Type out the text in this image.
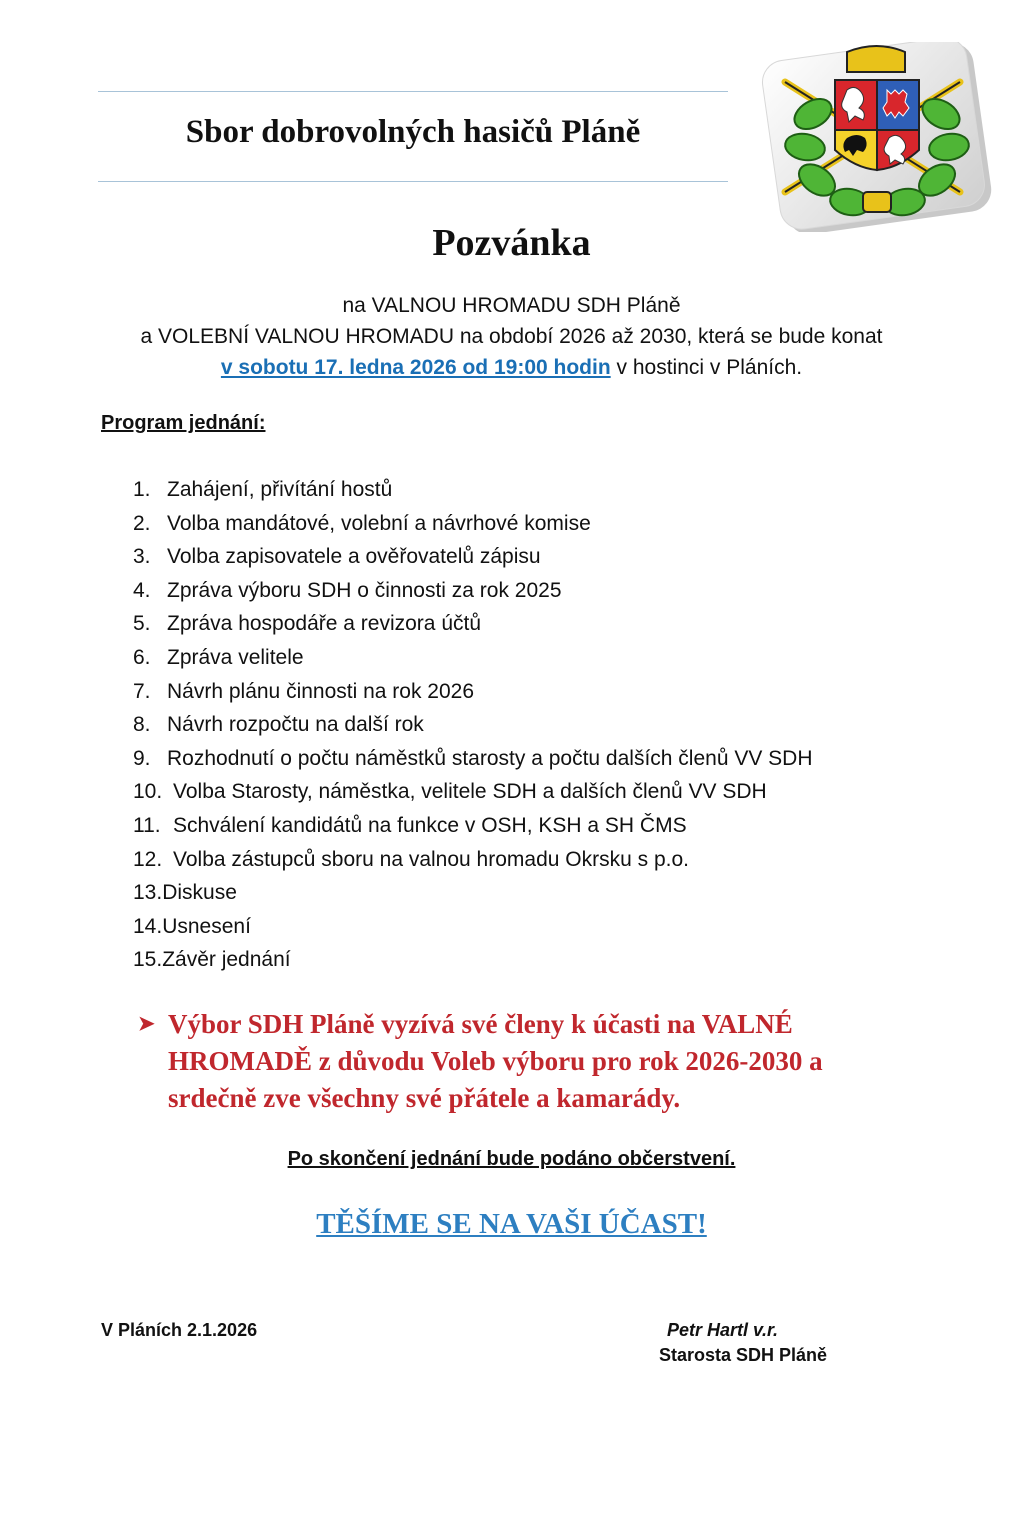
Sbor dobrovolných hasičů Pláně
Pozvánka
na VALNOU HROMADU SDH Pláně
a VOLEBNÍ VALNOU HROMADU na období 2026 až 2030, která se bude konat
v sobotu 17. ledna 2026 od 19:00 hodin v hostinci v Pláních.
Program jednání:
1. Zahájení, přivítání hostů
2. Volba mandátové, volební a návrhové komise
3. Volba zapisovatele a ověřovatelů zápisu
4. Zpráva výboru SDH o činnosti za rok 2025
5. Zpráva hospodáře a revizora účtů
6. Zpráva velitele
7. Návrh plánu činnosti na rok 2026
8. Návrh rozpočtu na další rok
9. Rozhodnutí o počtu náměstků starosty a počtu dalších členů VV SDH
10. Volba Starosty, náměstka, velitele SDH a dalších členů VV SDH
11. Schválení kandidátů na funkce v OSH, KSH a SH ČMS
12. Volba zástupců sboru na valnou hromadu Okrsku s p.o.
13. Diskuse
14. Usnesení
15. Závěr jednání
➤ Výbor SDH Pláně vyzívá své členy k účasti na VALNÉ HROMADĚ z důvodu Voleb výboru pro rok 2026-2030 a srdečně zve všechny své přátele a kamarády.
Po skončení jednání bude podáno občerstvení.
TĚŠÍME SE NA VAŠI ÚČAST!
V Pláních 2.1.2026	Petr Hartl v.r.
Starosta SDH Pláně
